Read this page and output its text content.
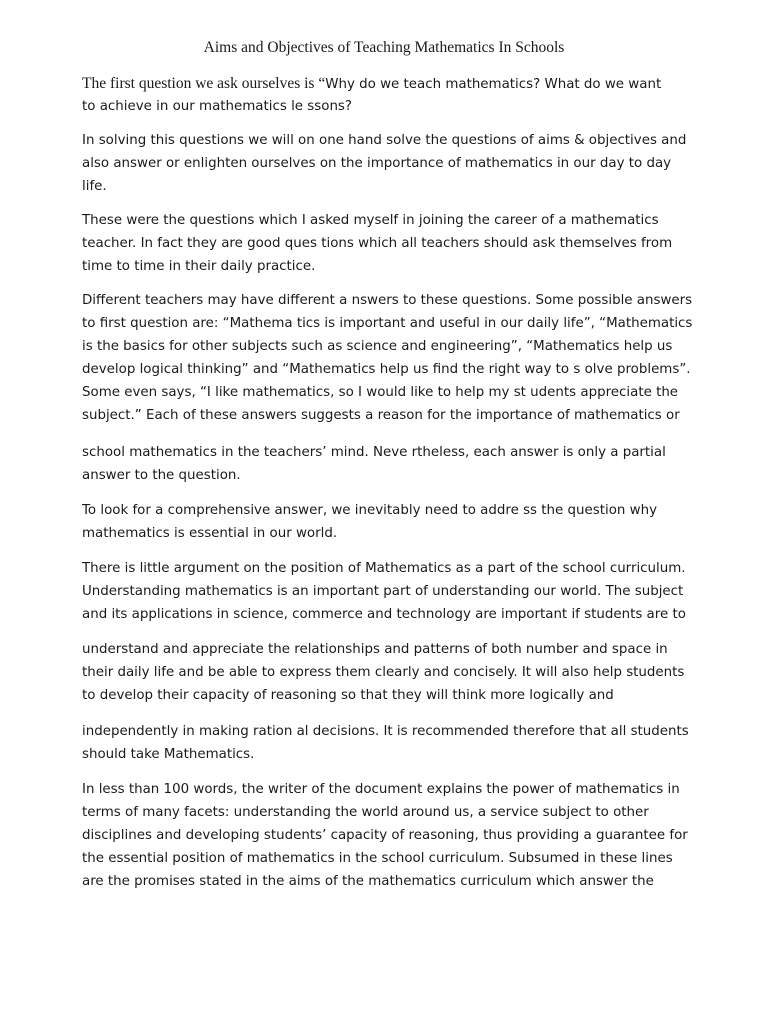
Aims and Objectives of Teaching Mathematics In Schools

The first question we ask ourselves is “Why do we teach mathematics? What do we want
to achieve in our mathematics le ssons?

In solving this questions we will on one hand solve the questions of aims & objectives and
also answer or enlighten ourselves on the importance of mathematics in our day to day
life.

These were the questions which I asked myself in joining the career of a mathematics
teacher. In fact they are good ques tions which all teachers should ask themselves from
time to time in their daily practice.

Different teachers may have different a nswers to these questions. Some possible answers
to first question are: “Mathema tics is important and useful in our daily life”, “Mathematics
is the basics for other subjects such as science and engineering”, “Mathematics help us
develop logical thinking” and “Mathematics help us find the right way to s olve problems”.
Some even says, “I like mathematics, so I would like to help my st udents appreciate the
subject.” Each of these answers suggests a reason for the importance of mathematics or

school mathematics in the teachers’ mind. Neve rtheless, each answer is only a partial
answer to the question.

To look for a comprehensive answer, we inevitably need to addre ss the question why
mathematics is essential in our world.

There is little argument on the position of Mathematics as a part of the school curriculum.
Understanding mathematics is an important part of understanding our world. The subject
and its applications in science, commerce and technology are important if students are to

understand and appreciate the relationships and patterns of both number and space in
their daily life and be able to express them clearly and concisely. It will also help students
to develop their capacity of reasoning so that they will think more logically and

independently in making ration al decisions. It is recommended therefore that all students
should take Mathematics.

In less than 100 words, the writer of the document explains the power of mathematics in
terms of many facets: understanding the world around us, a service subject to other
disciplines and developing students’ capacity of reasoning, thus providing a guarantee for
the essential position of mathematics in the school curriculum. Subsumed in these lines
are the promises stated in the aims of the mathematics curriculum which answer the
